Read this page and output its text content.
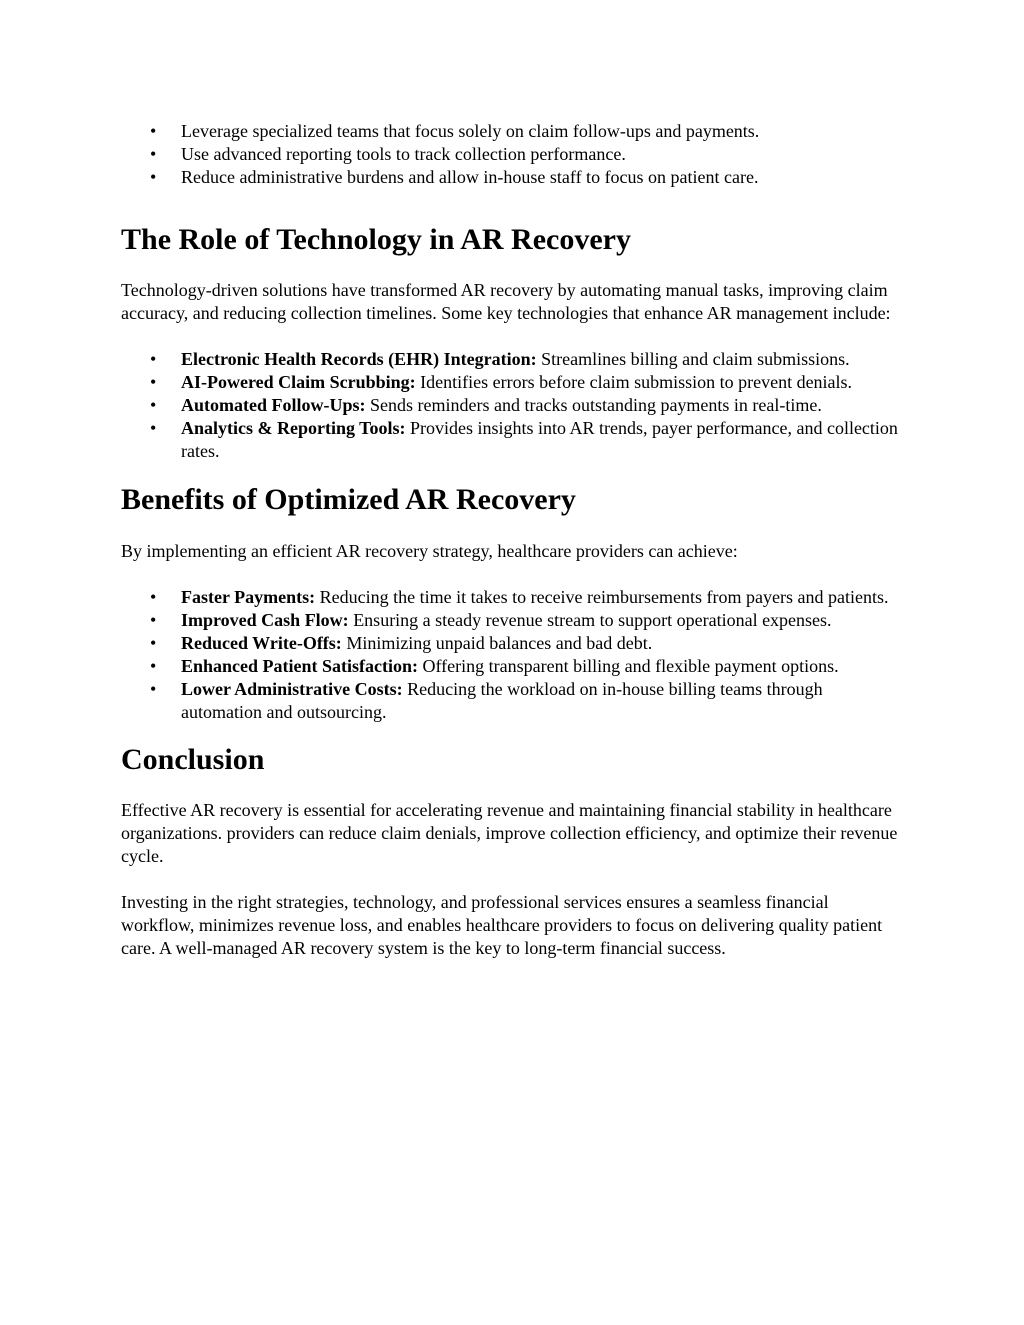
• Leverage specialized teams that focus solely on claim follow-ups and payments.
• Use advanced reporting tools to track collection performance.
• Reduce administrative burdens and allow in-house staff to focus on patient care.
The Role of Technology in AR Recovery

Technology-driven solutions have transformed AR recovery by automating manual tasks, improving claim accuracy, and reducing collection timelines. Some key technologies that enhance AR management include:

• Electronic Health Records (EHR) Integration: Streamlines billing and claim submissions.
• AI-Powered Claim Scrubbing: Identifies errors before claim submission to prevent denials.
• Automated Follow-Ups: Sends reminders and tracks outstanding payments in real-time.
• Analytics & Reporting Tools: Provides insights into AR trends, payer performance, and collection rates.
Benefits of Optimized AR Recovery

By implementing an efficient AR recovery strategy, healthcare providers can achieve:

• Faster Payments: Reducing the time it takes to receive reimbursements from payers and patients.
• Improved Cash Flow: Ensuring a steady revenue stream to support operational expenses.
• Reduced Write-Offs: Minimizing unpaid balances and bad debt.
• Enhanced Patient Satisfaction: Offering transparent billing and flexible payment options.
• Lower Administrative Costs: Reducing the workload on in-house billing teams through automation and outsourcing.
Conclusion

Effective AR recovery is essential for accelerating revenue and maintaining financial stability in healthcare organizations. providers can reduce claim denials, improve collection efficiency, and optimize their revenue cycle.

Investing in the right strategies, technology, and professional services ensures a seamless financial workflow, minimizes revenue loss, and enables healthcare providers to focus on delivering quality patient care. A well-managed AR recovery system is the key to long-term financial success.
